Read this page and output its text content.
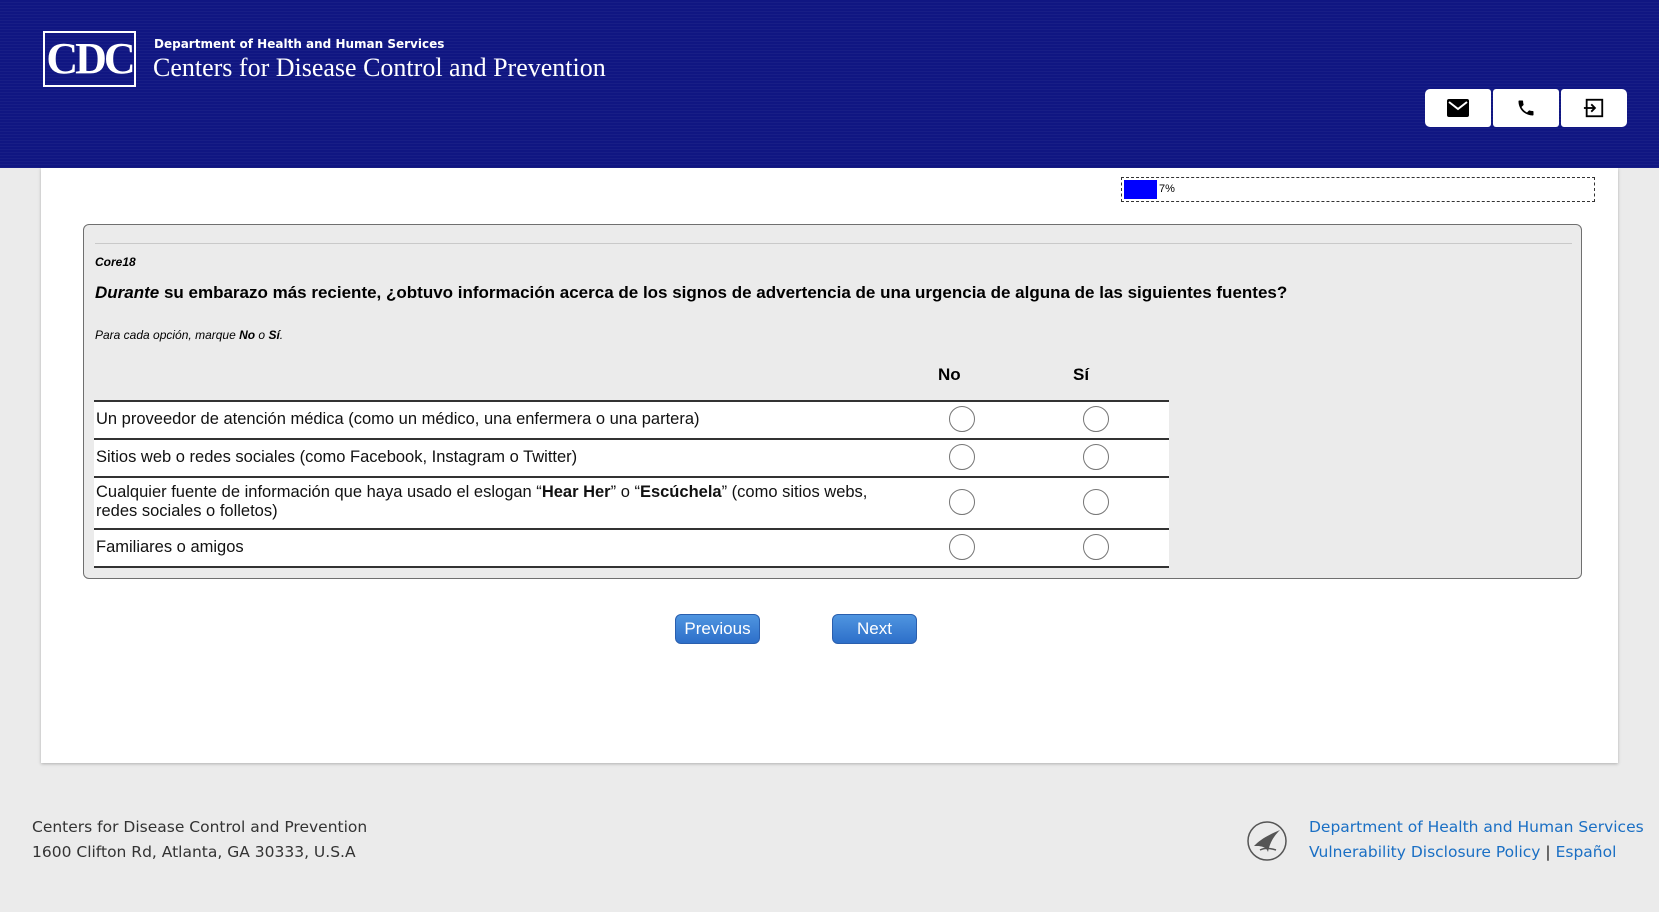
CDC Department of Health and Human Services
Centers for Disease Control and Prevention
7%
Core18
Durante su embarazo más reciente, ¿obtuvo información acerca de los signos de advertencia de una urgencia de alguna de las siguientes fuentes?
Para cada opción, marque No o Sí.
No	Sí
Un proveedor de atención médica (como un médico, una enfermera o una partera)
Sitios web o redes sociales (como Facebook, Instagram o Twitter)
Cualquier fuente de información que haya usado el eslogan “Hear Her” o “Escúchela” (como sitios webs, redes sociales o folletos)
Familiares o amigos
Previous	Next
Centers for Disease Control and Prevention
1600 Clifton Rd, Atlanta, GA 30333, U.S.A
Department of Health and Human Services
Vulnerability Disclosure Policy | Español
